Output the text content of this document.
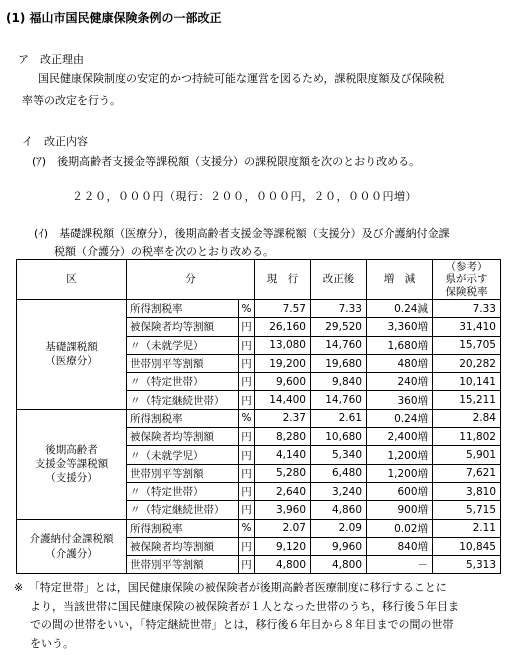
(1) 福山市国民健康保険条例の一部改正
ア　改正理由
国民健康保険制度の安定的かつ持続可能な運営を図るため，課税限度額及び保険税
率等の改定を行う。
イ　改正内容
(ｱ)　後期高齢者支援金等課税額（支援分）の課税限度額を次のとおり改める。
２２０，０００円（現行：２００，０００円，２０，０００円増）
(ｲ)　基礎課税額（医療分），後期高齢者支援金等課税額（支援分）及び介護納付金課
税額（介護分）の税率を次のとおり改める。
区	分		現　行	改正後	増　減	（参考）
県が示す
保険税率

基礎課税額
（医療分）	所得割税率	%	7.57	7.33	0.24減	7.33
	被保険者均等割額	円	26,160	29,520	3,360増	31,410
	〃（未就学児）	円	13,080	14,760	1,680増	15,705
	世帯別平等割額	円	19,200	19,680	480増	20,282
	〃（特定世帯）	円	9,600	9,840	240増	10,141
	〃（特定継続世帯）	円	14,400	14,760	360増	15,211

後期高齢者
支援金等課税額
（支援分）	所得割税率	%	2.37	2.61	0.24増	2.84
	被保険者均等割額	円	8,280	10,680	2,400増	11,802
	〃（未就学児）	円	4,140	5,340	1,200増	5,901
	世帯別平等割額	円	5,280	6,480	1,200増	7,621
	〃（特定世帯）	円	2,640	3,240	600増	3,810
	〃（特定継続世帯）	円	3,960	4,860	900増	5,715

介護納付金課税額
（介護分）	所得割税率	%	2.07	2.09	0.02増	2.11
	被保険者均等割額	円	9,120	9,960	840増	10,845
	世帯別平等割額	円	4,800	4,800	－	5,313
※　「特定世帯」とは，国民健康保険の被保険者が後期高齢者医療制度に移行することに
より，当該世帯に国民健康保険の被保険者が１人となった世帯のうち，移行後５年目ま
での間の世帯をいい，「特定継続世帯」とは，移行後６年目から８年目までの間の世帯
をいう。
